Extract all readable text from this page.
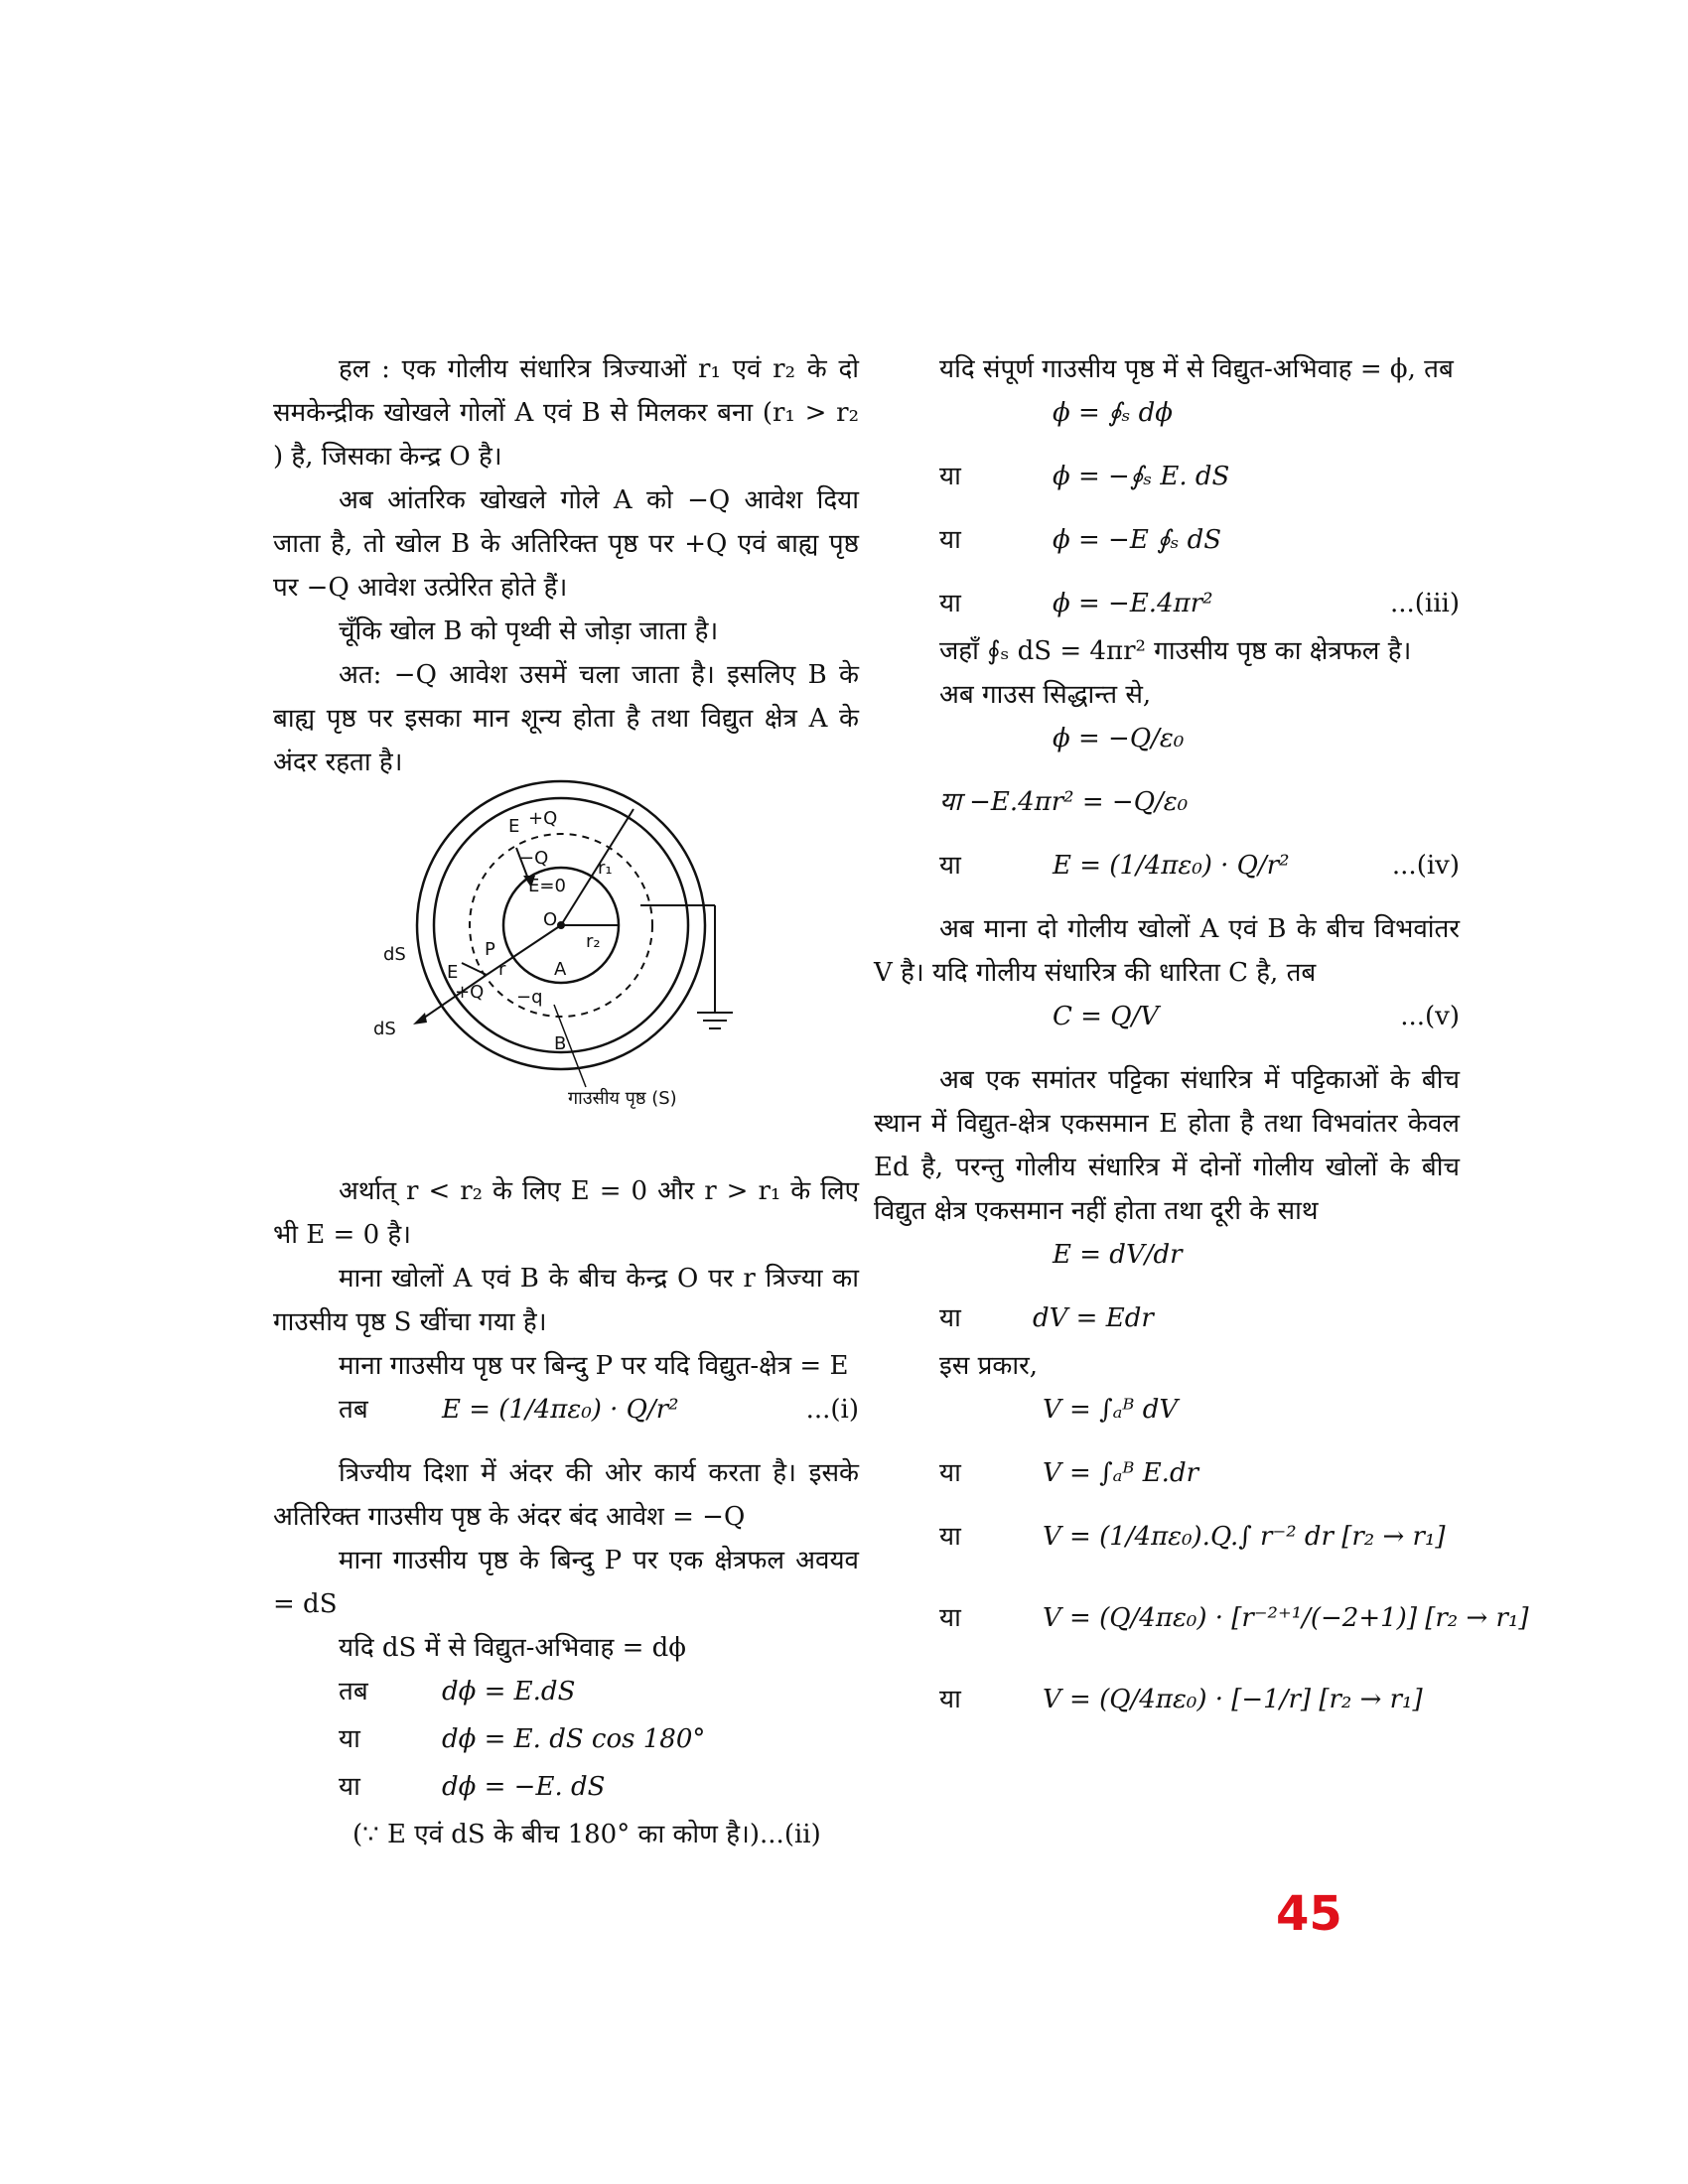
हल : एक गोलीय संधारित्र त्रिज्याओं r₁ एवं r₂ के दो समकेन्द्रीक खोखले गोलों A एवं B से मिलकर बना (r₁ > r₂ ) है, जिसका केन्द्र O है।

अब आंतरिक खोखले गोले A को −Q आवेश दिया जाता है, तो खोल B के अतिरिक्त पृष्ठ पर +Q एवं बाह्य पृष्ठ पर −Q आवेश उत्प्रेरित होते हैं।

चूँकि खोल B को पृथ्वी से जोड़ा जाता है।

अत: −Q आवेश उसमें चला जाता है। इसलिए B के बाह्य पृष्ठ पर इसका मान शून्य होता है तथा विद्युत क्षेत्र A के अंदर रहता है।

अर्थात् r < r₂ के लिए E = 0 और r > r₁ के लिए भी E = 0 है।

माना खोलों A एवं B के बीच केन्द्र O पर r त्रिज्या का गाउसीय पृष्ठ S खींचा गया है।

माना गाउसीय पृष्ठ पर बिन्दु P पर यदि विद्युत-क्षेत्र = E

तब	E = (1/4πε₀) · Q/r²	...(i)

त्रिज्यीय दिशा में अंदर की ओर कार्य करता है। इसके अतिरिक्त गाउसीय पृष्ठ के अंदर बंद आवेश = −Q

माना गाउसीय पृष्ठ के बिन्दु P पर एक क्षेत्रफल अवयव = dS

यदि dS में से विद्युत-अभिवाह = dϕ

तब	dϕ = E.dS
या	dϕ = E. dS cos 180°
या	dϕ = −E. dS
(∵ E एवं dS के बीच 180° का कोण है।)...(ii)
E +Q
−Q	r₁
E=0
O
r₂
dS	P
E r	A
+Q −q
dS
B
गाउसीय पृष्ठ (S)

यदि संपूर्ण गाउसीय पृष्ठ में से विद्युत-अभिवाह = ϕ, तब

ϕ = ∮ₛ dϕ
या	ϕ = −∮ₛ E. dS
या	ϕ = −E ∮ₛ dS
या	ϕ = −E.4πr²	...(iii)

जहाँ ∮ₛ dS = 4πr² गाउसीय पृष्ठ का क्षेत्रफल है।

अब गाउस सिद्धान्त से,

ϕ = −Q/ε₀
या −E.4πr² = −Q/ε₀
या	E = (1/4πε₀) · Q/r²	...(iv)

अब माना दो गोलीय खोलों A एवं B के बीच विभवांतर V है। यदि गोलीय संधारित्र की धारिता C है, तब

C = Q/V	...(v)

अब एक समांतर पट्टिका संधारित्र में पट्टिकाओं के बीच स्थान में विद्युत-क्षेत्र एकसमान E होता है तथा विभवांतर केवल Ed है, परन्तु गोलीय संधारित्र में दोनों गोलीय खोलों के बीच विद्युत क्षेत्र एकसमान नहीं होता तथा दूरी के साथ

E = dV/dr
या	dV = Edr

इस प्रकार,

V = ∫ₐᴮ dV
या	V = ∫ₐᴮ E.dr
या	V = (1/4πε₀).Q.∫ r⁻² dr [r₂ → r₁]
या	V = (Q/4πε₀) · [r⁻²⁺¹/(−2+1)] [r₂ → r₁]
या	V = (Q/4πε₀) · [−1/r] [r₂ → r₁]
45
